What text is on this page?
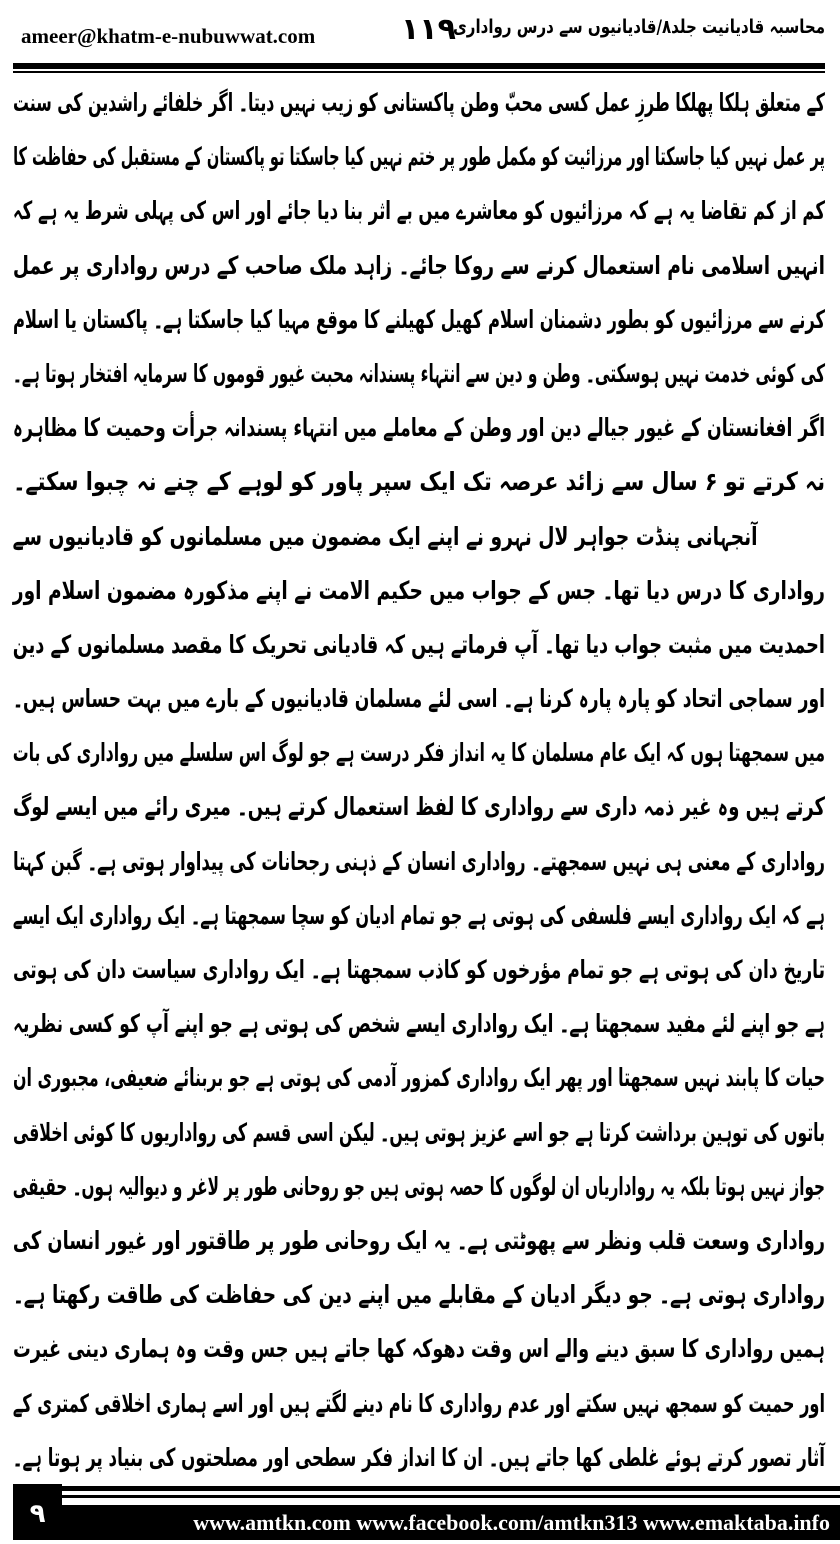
ameer@khatm-e-nubuwwat.com	۱۱۹
محاسبہ قادیانیت جلد۸/قادیانیوں سے درس رواداری
کے متعلق ہلکا پھلکا طرزِ عمل کسی محبّ وطن پاکستانی کو زیب نہیں دیتا۔ اگر خلفائے راشدین کی سنت
پر عمل نہیں کیا جاسکتا اور مرزائیت کو مکمل طور پر ختم نہیں کیا جاسکتا تو پاکستان کے مستقبل کی حفاظت کا
کم از کم تقاضا یہ ہے کہ مرزائیوں کو معاشرے میں بے اثر بنا دیا جائے اور اس کی پہلی شرط یہ ہے کہ
انہیں اسلامی نام استعمال کرنے سے روکا جائے۔ زاہد ملک صاحب کے درس رواداری پر عمل
کرنے سے مرزائیوں کو بطور دشمنان اسلام کھیل کھیلنے کا موقع مہیا کیا جاسکتا ہے۔ پاکستان یا اسلام
کی کوئی خدمت نہیں ہوسکتی۔ وطن و دین سے انتہاء پسندانہ محبت غیور قوموں کا سرمایہ افتخار ہوتا ہے۔
اگر افغانستان کے غیور جیالے دین اور وطن کے معاملے میں انتہاء پسندانہ جرأت وحمیت کا مظاہرہ
نہ کرتے تو ۶ سال سے زائد عرصہ تک ایک سپر پاور کو لوہے کے چنے نہ چبوا سکتے۔
آنجہانی پنڈت جواہر لال نہرو نے اپنے ایک مضمون میں مسلمانوں کو قادیانیوں سے
رواداری کا درس دیا تھا۔ جس کے جواب میں حکیم الامت نے اپنے مذکورہ مضمون اسلام اور
احمدیت میں مثبت جواب دیا تھا۔ آپ فرماتے ہیں کہ قادیانی تحریک کا مقصد مسلمانوں کے دین
اور سماجی اتحاد کو پارہ پارہ کرنا ہے۔ اسی لئے مسلمان قادیانیوں کے بارے میں بہت حساس ہیں۔
میں سمجھتا ہوں کہ ایک عام مسلمان کا یہ انداز فکر درست ہے جو لوگ اس سلسلے میں رواداری کی بات
کرتے ہیں وہ غیر ذمہ داری سے رواداری کا لفظ استعمال کرتے ہیں۔ میری رائے میں ایسے لوگ
رواداری کے معنی ہی نہیں سمجھتے۔ رواداری انسان کے ذہنی رجحانات کی پیداوار ہوتی ہے۔ گبن کہتا
ہے کہ ایک رواداری ایسے فلسفی کی ہوتی ہے جو تمام ادیان کو سچا سمجھتا ہے۔ ایک رواداری ایک ایسے
تاریخ دان کی ہوتی ہے جو تمام مؤرخوں کو کاذب سمجھتا ہے۔ ایک رواداری سیاست دان کی ہوتی
ہے جو اپنے لئے مفید سمجھتا ہے۔ ایک رواداری ایسے شخص کی ہوتی ہے جو اپنے آپ کو کسی نظریہ
حیات کا پابند نہیں سمجھتا اور پھر ایک رواداری کمزور آدمی کی ہوتی ہے جو بربنائے ضعیفی، مجبوری ان
باتوں کی توہین برداشت کرتا ہے جو اسے عزیز ہوتی ہیں۔ لیکن اسی قسم کی رواداریوں کا کوئی اخلاقی
جواز نہیں ہوتا بلکہ یہ رواداریاں ان لوگوں کا حصہ ہوتی ہیں جو روحانی طور پر لاغر و دیوالیہ ہوں۔ حقیقی
رواداری وسعت قلب ونظر سے پھوٹتی ہے۔ یہ ایک روحانی طور پر طاقتور اور غیور انسان کی
رواداری ہوتی ہے۔ جو دیگر ادیان کے مقابلے میں اپنے دین کی حفاظت کی طاقت رکھتا ہے۔
ہمیں رواداری کا سبق دینے والے اس وقت دھوکہ کھا جاتے ہیں جس وقت وہ ہماری دینی غیرت
اور حمیت کو سمجھ نہیں سکتے اور عدم رواداری کا نام دینے لگتے ہیں اور اسے ہماری اخلاقی کمتری کے
آثار تصور کرتے ہوئے غلطی کھا جاتے ہیں۔ ان کا انداز فکر سطحی اور مصلحتوں کی بنیاد پر ہوتا ہے۔
۹	www.amtkn.com www.facebook.com/amtkn313 www.emaktaba.info
